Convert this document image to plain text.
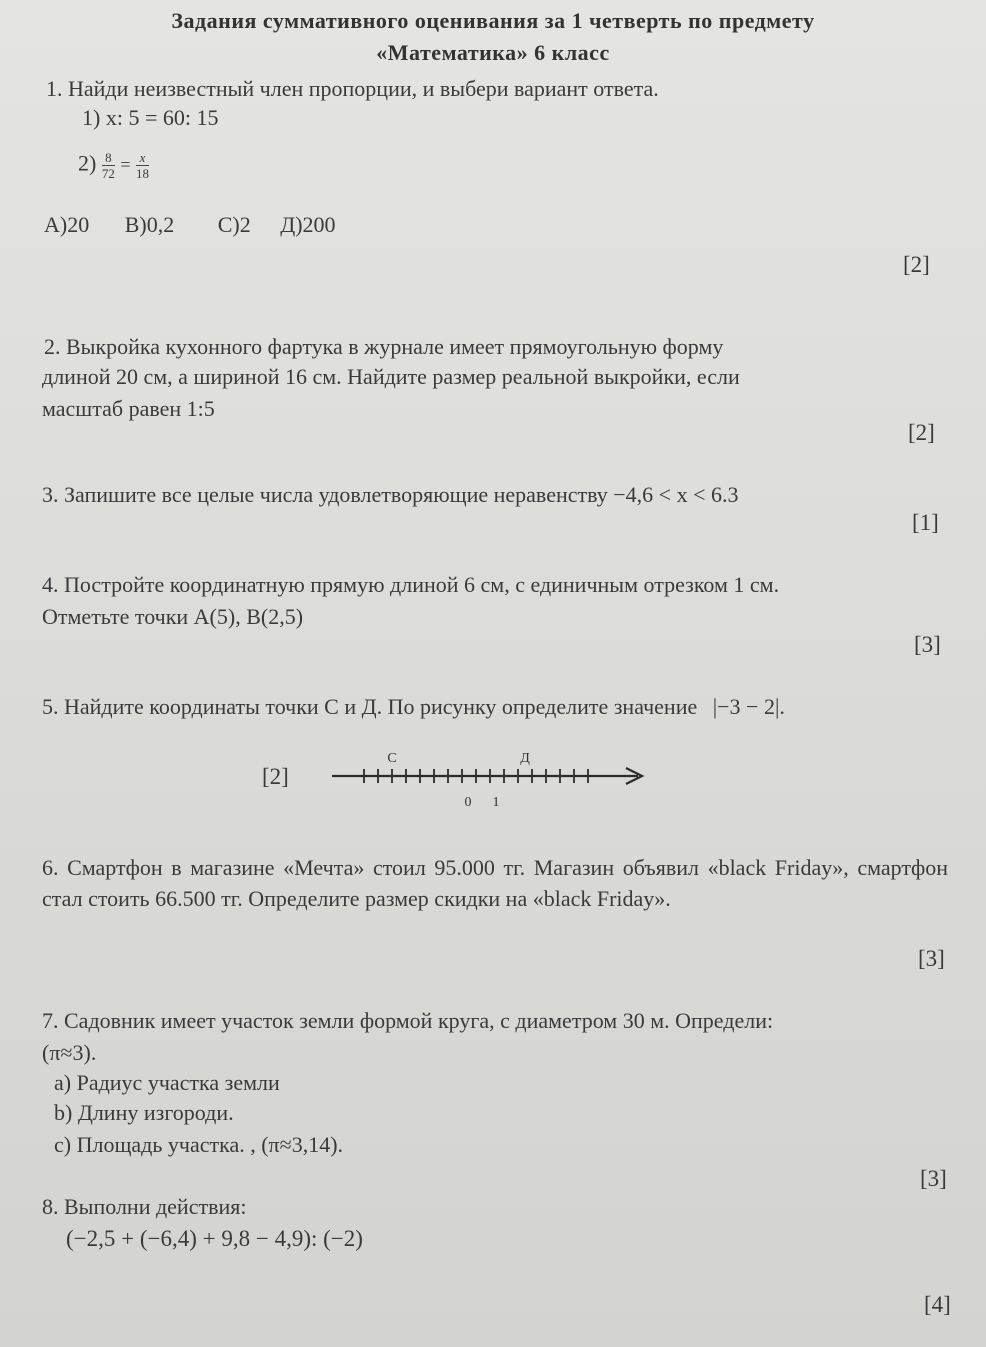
Задания суммативного оценивания за 1 четверть по предмету
«Математика» 6 класс
1. Найди неизвестный член пропорции, и выбери вариант ответа.
1) x: 5 = 60: 15
$2) \frac{8}{72} = \frac{x}{18}$
А)20 В)0,2 С)2 Д)200
[2]
2. Выкройка кухонного фартука в журнале имеет прямоугольную форму
длиной 20 см, а шириной 16 см. Найдите размер реальной выкройки, если
масштаб равен 1:5
[2]
3. Запишите все целые числа удовлетворяющие неравенству −4,6 < x < 6.3
[1]
4. Постройте координатную прямую длиной 6 см, с единичным отрезком 1 см.
Отметьте точки А(5), В(2,5)
[3]
5. Найдите координаты точки С и Д. По рисунку определите значение |−3 − 2|.
[2]
С	Д
0 1
6. Смартфон в магазине «Мечта» стоил 95.000 тг. Магазин объявил «black Friday», смартфон стал стоить 66.500 тг. Определите размер скидки на «black Friday».
[3]
7. Садовник имеет участок земли формой круга, с диаметром 30 м. Определи:
(π≈3).
a) Радиус участка земли
b) Длину изгороди.
c) Площадь участка. , (π≈3,14).
[3]
8. Выполни действия:
(−2,5 + (−6,4) + 9,8 − 4,9): (−2)
[4]
